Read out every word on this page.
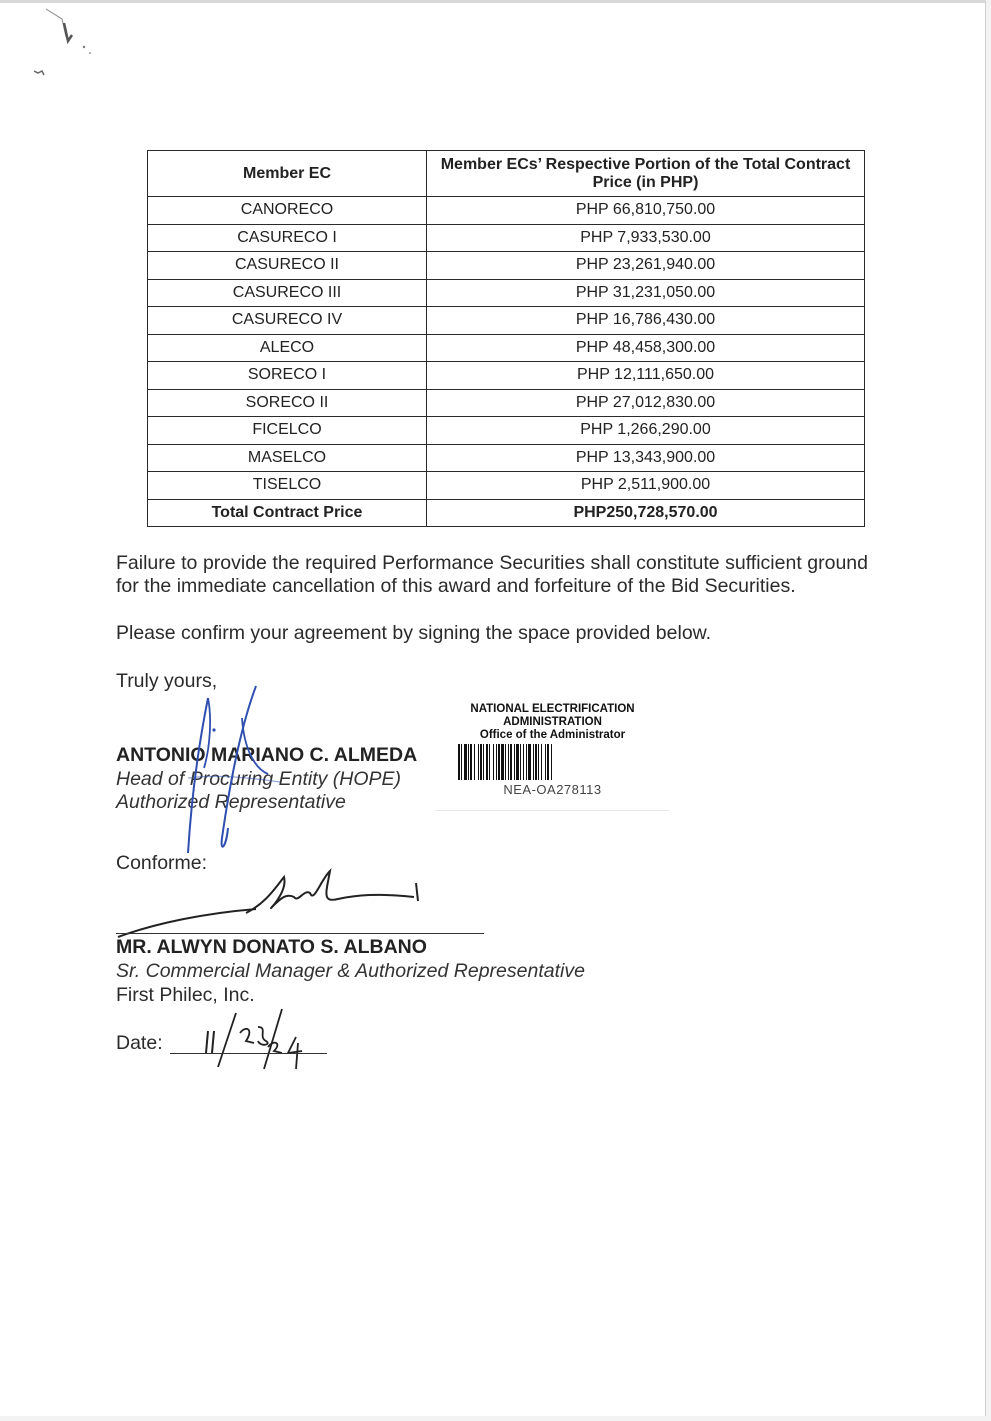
Member EC	Member ECs’ Respective Portion of the Total Contract Price (in PHP)
CANORECO	PHP 66,810,750.00
CASURECO I	PHP 7,933,530.00
CASURECO II	PHP 23,261,940.00
CASURECO III	PHP 31,231,050.00
CASURECO IV	PHP 16,786,430.00
ALECO	PHP 48,458,300.00
SORECO I	PHP 12,111,650.00
SORECO II	PHP 27,012,830.00
FICELCO	PHP 1,266,290.00
MASELCO	PHP 13,343,900.00
TISELCO	PHP 2,511,900.00
Total Contract Price	PHP250,728,570.00
Failure to provide the required Performance Securities shall constitute sufficient ground for the immediate cancellation of this award and forfeiture of the Bid Securities.
Please confirm your agreement by signing the space provided below.
Truly yours,
ANTONIO MARIANO C. ALMEDA
Head of Procuring Entity (HOPE)
Authorized Representative
NATIONAL ELECTRIFICATION
ADMINISTRATION
Office of the Administrator
NEA-OA278113
Conforme:
MR. ALWYN DONATO S. ALBANO
Sr. Commercial Manager & Authorized Representative
First Philec, Inc.
Date:
